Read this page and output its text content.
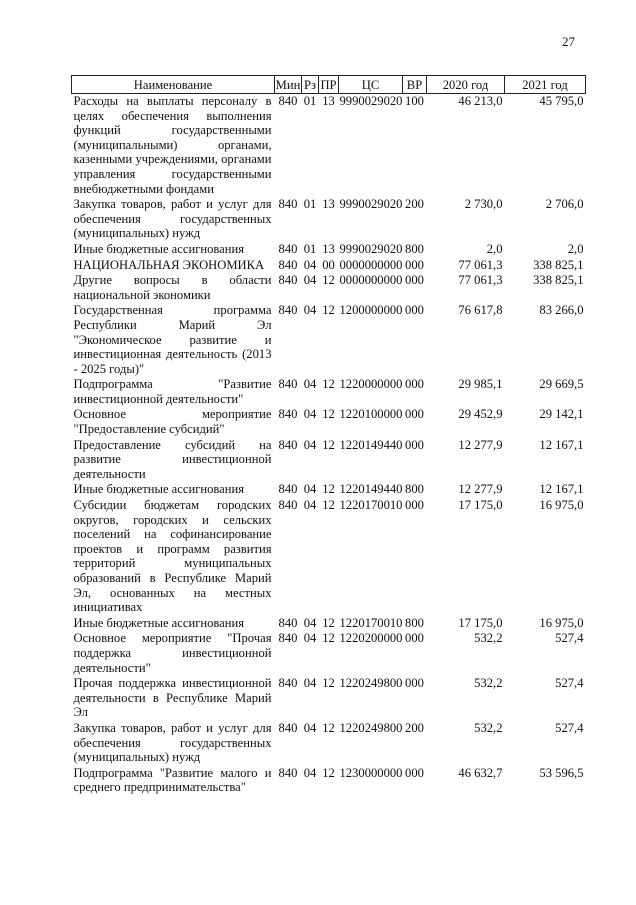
27
Наименование	Мин	Рз	ПР	ЦС	ВР	2020 год	2021 год
Расходы на выплаты персоналу в целях обеспечения выполнения функций государственными (муниципальными) органами, казенными учреждениями, органами управления государственными внебюджетными фондами	840	01	13	9990029020	100	46 213,0	45 795,0
Закупка товаров, работ и услуг для обеспечения государственных (муниципальных) нужд	840	01	13	9990029020	200	2 730,0	2 706,0
Иные бюджетные ассигнования	840	01	13	9990029020	800	2,0	2,0
НАЦИОНАЛЬНАЯ ЭКОНОМИКА	840	04	00	0000000000	000	77 061,3	338 825,1
Другие вопросы в области национальной экономики	840	04	12	0000000000	000	77 061,3	338 825,1
Государственная программа Республики Марий Эл "Экономическое развитие и инвестиционная деятельность (2013 - 2025 годы)"	840	04	12	1200000000	000	76 617,8	83 266,0
Подпрограмма "Развитие инвестиционной деятельности"	840	04	12	1220000000	000	29 985,1	29 669,5
Основное мероприятие "Предоставление субсидий"	840	04	12	1220100000	000	29 452,9	29 142,1
Предоставление субсидий на развитие инвестиционной деятельности	840	04	12	1220149440	000	12 277,9	12 167,1
Иные бюджетные ассигнования	840	04	12	1220149440	800	12 277,9	12 167,1
Субсидии бюджетам городских округов, городских и сельских поселений на софинансирование проектов и программ развития территорий муниципальных образований в Республике Марий Эл, основанных на местных инициативах	840	04	12	1220170010	000	17 175,0	16 975,0
Иные бюджетные ассигнования	840	04	12	1220170010	800	17 175,0	16 975,0
Основное мероприятие "Прочая поддержка инвестиционной деятельности"	840	04	12	1220200000	000	532,2	527,4
Прочая поддержка инвестиционной деятельности в Республике Марий Эл	840	04	12	1220249800	000	532,2	527,4
Закупка товаров, работ и услуг для обеспечения государственных (муниципальных) нужд	840	04	12	1220249800	200	532,2	527,4
Подпрограмма "Развитие малого и среднего предпринимательства"	840	04	12	1230000000	000	46 632,7	53 596,5
